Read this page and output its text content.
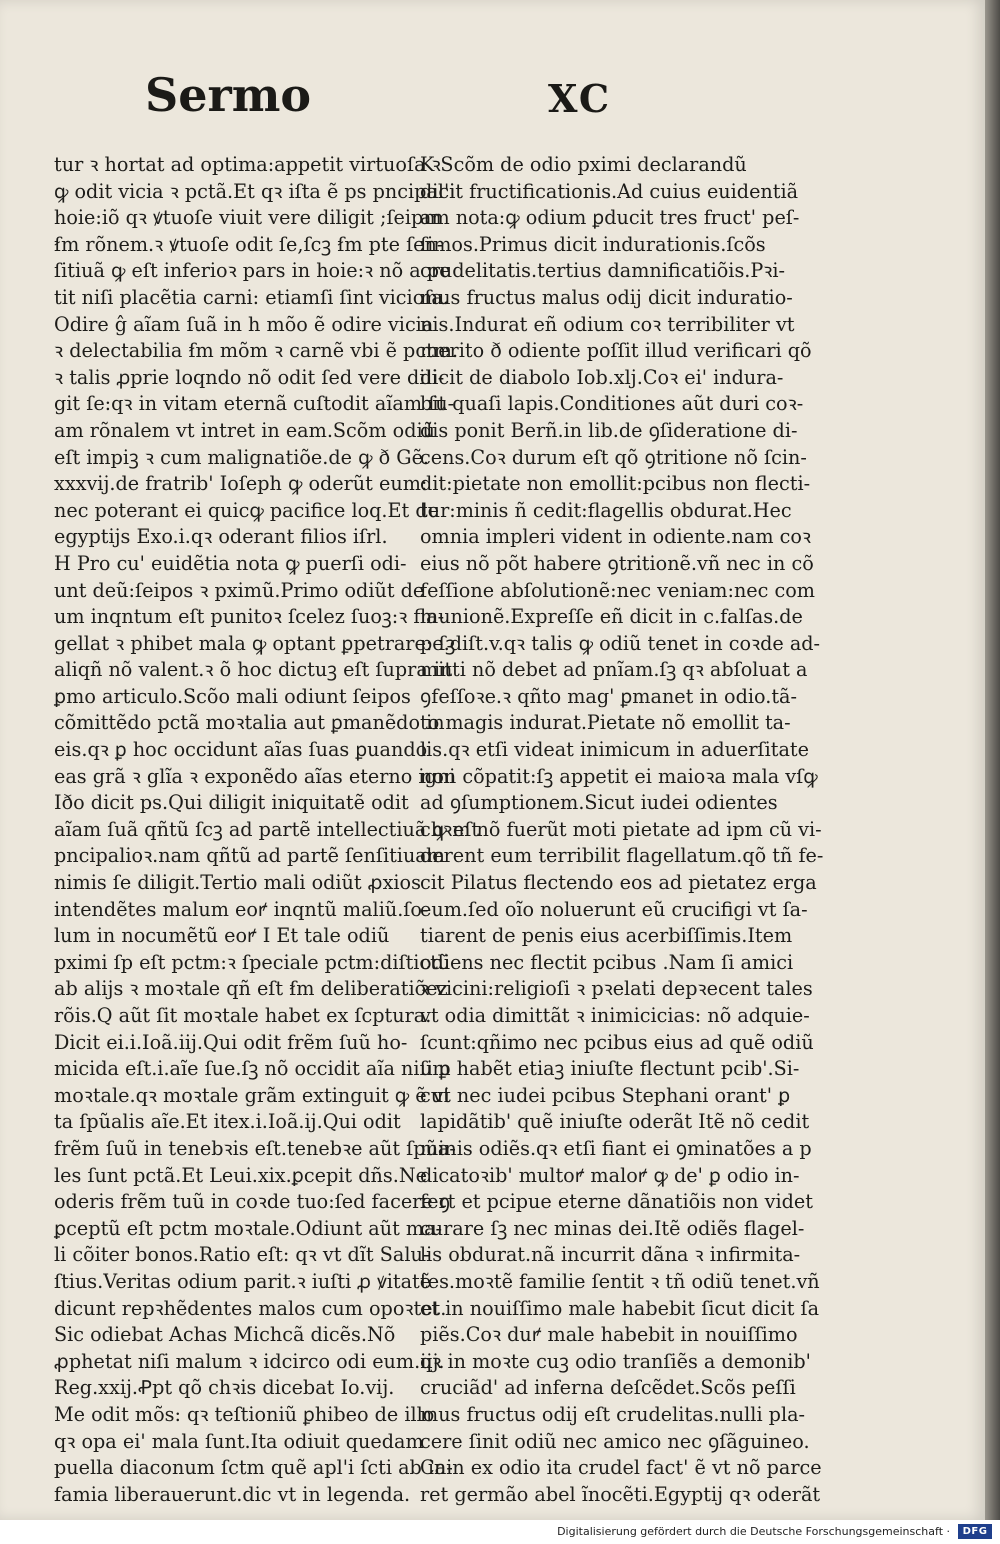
Sermo	XC
tur ꝛ hortat ad optima:appetit virtuoſa ꝛ
ꝙ odit vicia ꝛ pctã.Et qꝛ iſta ẽ ps pncipal'i
hoie:iõ qꝛ ꝟtuoſe viuit vere diligit ;ſeipm
ẜm rõnem.ꝛ ꝟtuoſe odit ſe,ſcꝫ ẜm pte ſen-
ſitiuã ꝙ eſt inferioꝛ pars in hoie:ꝛ nõ a pe
tit niſi placẽtia carni: etiamſi ſint vicioſa.
Odire ĝ aĩam ſuã in h mõo ẽ odire vicia
ꝛ delectabilia ẜm mõm ꝛ carnẽ vbi ẽ pctm.
ꝛ talis ꝓprie loqndo nõ odit ſed vere dili-
git ſe:qꝛ in vitam eternã cuſtodit aĩam ſu-
am rõnalem vt intret in eam.Scõm odiũ
eſt impiꝫ ꝛ cum malignatiõe.de ꝙ ð Gẽ.
xxxvij.de fratrib' Ioſeph ꝙ oderũt eum:
nec poterant ei quicꝙ pacifice loq.Et de
egyptijs Exo.i.qꝛ oderant filios iſrl.
H Pro cu' euidẽtia nota ꝙ puerſi odi-
unt deũ:ſeipos ꝛ pximũ.Primo odiũt de
um inqntum eſt punitoꝛ ſcelez ſuoꝫ:ꝛ fla-
gellat ꝛ phibet mala ꝙ optant ꝑpetrare: ſꝫ
aliqñ nõ valent.ꝛ õ hoc dictuꝫ eſt ſupra in
ꝑmo articulo.Scõo mali odiunt ſeipos
cõmittẽdo pctã moꝛtalia aut ꝑmanẽdo in
eis.qꝛ ꝑ hoc occidunt aĩas ſuas ꝑuando
eas grã ꝛ glĩa ꝛ exponẽdo aĩas eterno igni
Iðo dicit ps.Qui diligit iniquitatẽ odit
aĩam ſuã qñtũ ſcꝫ ad partẽ intellectiuã ꝙ eſt
pncipalioꝛ.nam qñtũ ad partẽ ſenſitiuam
nimis ſe diligit.Tertio mali odiũt ꝓxios
intendẽtes malum eoꝵ inqntũ maliũ.ſo-
lum in nocumẽtũ eoꝵ I Et tale odiũ
pximi ſp eſt pctm:ꝛ ſpeciale pctm:diſtictũ
ab alijs ꝛ moꝛtale qñ eſt ẜm deliberatiõez
rõis.Q aũt ſit moꝛtale habet ex ſcptura.
Dicit ei.i.Ioã.iij.Qui odit frẽm ſuũ ho-
micida eſt.i.aĩe ſue.ſꝫ nõ occidit aĩa niſi ꝑ
moꝛtale.qꝛ moꝛtale grãm extinguit ꝙ ẽ vi
ta ſpũalis aĩe.Et itex.i.Ioã.ij.Qui odit
frẽm ſuũ in tenebꝛis eſt.tenebꝛe aũt ſpũa-
les ſunt pctã.Et Leui.xix.ꝑcepit dñs.Ne
oderis frẽm tuũ in coꝛde tuo:ſed facere ꝯ
ꝑceptũ eſt pctm moꝛtale.Odiunt aũt ma-
li cõiter bonos.Ratio eſt: qꝛ vt dĩt Salu-
ſtius.Veritas odium parit.ꝛ iuſti ꝓ ꝟitatẽ
dicunt repꝛhẽdentes malos cum opoꝛtet.
Sic odiebat Achas Michcã dicẽs.Nõ
ꝓphetat niſi malum ꝛ idcirco odi eum.iij.
Reg.xxij.Ꝓpt qõ chꝛis dicebat Io.vij.
Me odit mõs: qꝛ teſtioniũ ꝑhibeo de illo
qꝛ opa ei' mala ſunt.Ita odiuit quedam
puella diaconum ſctm quẽ apl'i ſcti ab in-
famia liberauerunt.dic vt in legenda.
K Scõm de odio pximi declarandũ
dicit fructificationis.Ad cuius euidentiã
am nota:ꝙ odium ꝑducit tres fruct' peſ-
ſimos.Primus dicit indurationis.ſcõs
crudelitatis.tertius damnificatiõis.Pꝛi-
mus fructus malus odij dicit induratio-
nis.Indurat eñ odium coꝛ terribiliter vt
merito ð odiente poſſit illud verificari qõ
dicit de diabolo Iob.xlj.Coꝛ ei' indura-
bit quaſi lapis.Conditiones aũt duri coꝛ-
dis ponit Berñ.in lib.de ꝯſideratione di-
cens.Coꝛ durum eſt qõ ꝯtritione nõ ſcin-
dit:pietate non emollit:pcibus non flecti-
tur:minis ñ cedit:flagellis obdurat.Hec
omnia impleri vident in odiente.nam coꝛ
eius nõ põt habere ꝯtritionẽ.vñ nec in cõ
feſſione abſolutionẽ:nec veniam:nec com
munionẽ.Expreſſe eñ dicit in c.falſas.de
pe.diſt.v.qꝛ talis ꝙ odiũ tenet in coꝛde ad-
mitti nõ debet ad pnĩam.ſꝫ qꝛ abſoluat a
ꝯfeſſoꝛe.ꝛ qñto mag' ꝑmanet in odio.tã-
to magis indurat.Pietate nõ emollit ta-
lis.qꝛ etſi videat inimicum in aduerſitate
non cõpatit:ſꝫ appetit ei maioꝛa mala vſꝙ
ad ꝯſumptionem.Sicut iudei odientes
chꝛm nõ fuerũt moti pietate ad ipm cũ vi-
derent eum terribilit flagellatum.qõ tñ fe-
cit Pilatus flectendo eos ad pietatez erga
eum.ſed oĩo noluerunt eũ crucifigi vt ſa-
tiarent de penis eius acerbiſſimis.Item
odiens nec flectit pcibus .Nam ſi amici
ꝛ vicini:religioſi ꝛ pꝛelati depꝛecent tales
vt odia dimittãt ꝛ inimicicias: nõ adquie-
ſcunt:qñimo nec pcibus eius ad quẽ odiũ
um habẽt etiaꝫ iniuſte flectunt pcib'.Si-
cut nec iudei pcibus Stephani orant' ꝑ
lapidãtib' quẽ iniuſte oderãt Itẽ nõ cedit
minis odiẽs.qꝛ etſi fiant ei ꝯminatões a p
dicatoꝛib' multoꝵ maloꝵ ꝙ de' ꝑ odio in-
fert et pcipue eterne dãnatiõis non videt
curare ſꝫ nec minas dei.Itẽ odiẽs flagel-
lis obdurat.nã incurrit dãna ꝛ infirmita-
tes.moꝛtẽ familie ſentit ꝛ tñ odiũ tenet.vñ
et in nouiſſimo male habebit ſicut dicit ſa
piẽs.Coꝛ duꝵ male habebit in nouiſſimo
qꝛ in moꝛte cuꝫ odio tranſiẽs a demonib'
cruciãd' ad inferna deſcẽdet.Scõs peſſi
mus fructus odij eſt crudelitas.nulli pla-
cere ſinit odiũ nec amico nec ꝯſãguineo.
Cain ex odio ita crudel fact' ẽ vt nõ parce
ret germão abel ĩnocẽti.Egyptij qꝛ oderãt
Digitalisierung gefördert durch die Deutsche Forschungsgemeinschaft ·	DFG
